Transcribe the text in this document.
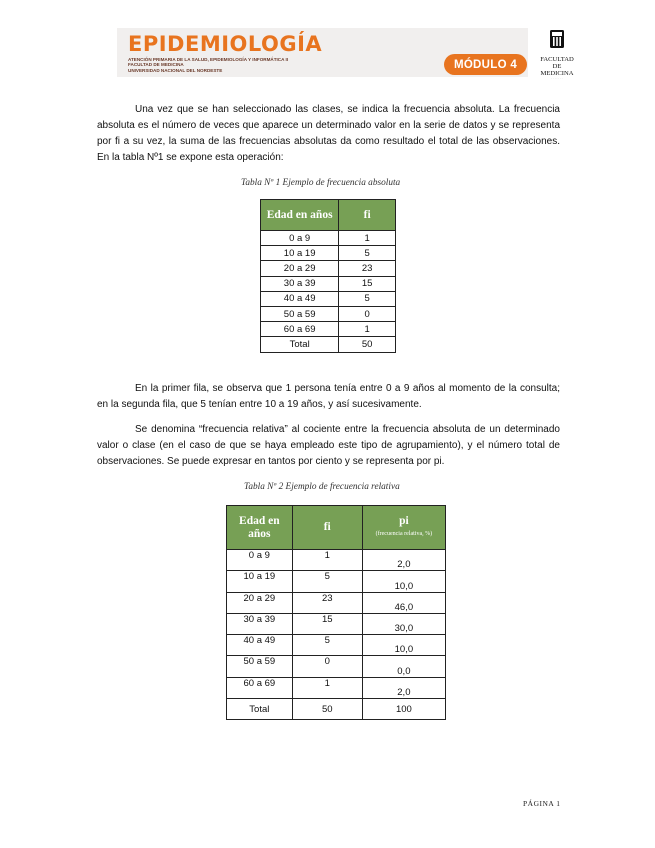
EPIDEMIOLOGÍA
ATENCIÓN PRIMARIA DE LA SALUD, EPIDEMIOLOGÍA Y INFORMÁTICA II
FACULTAD DE MEDICINA
UNIVERSIDAD NACIONAL DEL NORDESTE	MÓDULO 4	FACULTAD
DE MEDICINA
· · · · · · ·

Una vez que se han seleccionado las clases, se indica la frecuencia absoluta. La frecuencia absoluta es el número de veces que aparece un determinado valor en la serie de datos y se representa por fi a su vez, la suma de las frecuencias absolutas da como resultado el total de las observaciones. En la tabla Nº1 se expone esta operación:

Tabla Nº 1 Ejemplo de frecuencia absoluta
Edad en años	fi
0 a 9	1
10 a 19	5
20 a 29	23
30 a 39	15
40 a 49	5
50 a 59	0
60 a 69	1
Total	50

En la primer fila, se observa que 1 persona tenía entre 0 a 9 años al momento de la consulta; en la segunda fila, que 5 tenían entre 10 a 19 años, y así sucesivamente.

Se denomina “frecuencia relativa” al cociente entre la frecuencia absoluta de un determinado valor o clase (en el caso de que se haya empleado este tipo de agrupamiento), y el número total de observaciones. Se puede expresar en tantos por ciento y se representa por pi.

Tabla Nº 2 Ejemplo de frecuencia relativa
Edad en años	fi	pi
(frecuencia relativa, %)

0 a 9	1	2,0
10 a 19	5	10,0
20 a 29	23	46,0
30 a 39	15	30,0
40 a 49	5	10,0
50 a 59	0	0,0
60 a 69	1	2,0
Total	50	100
PÁGINA 1
